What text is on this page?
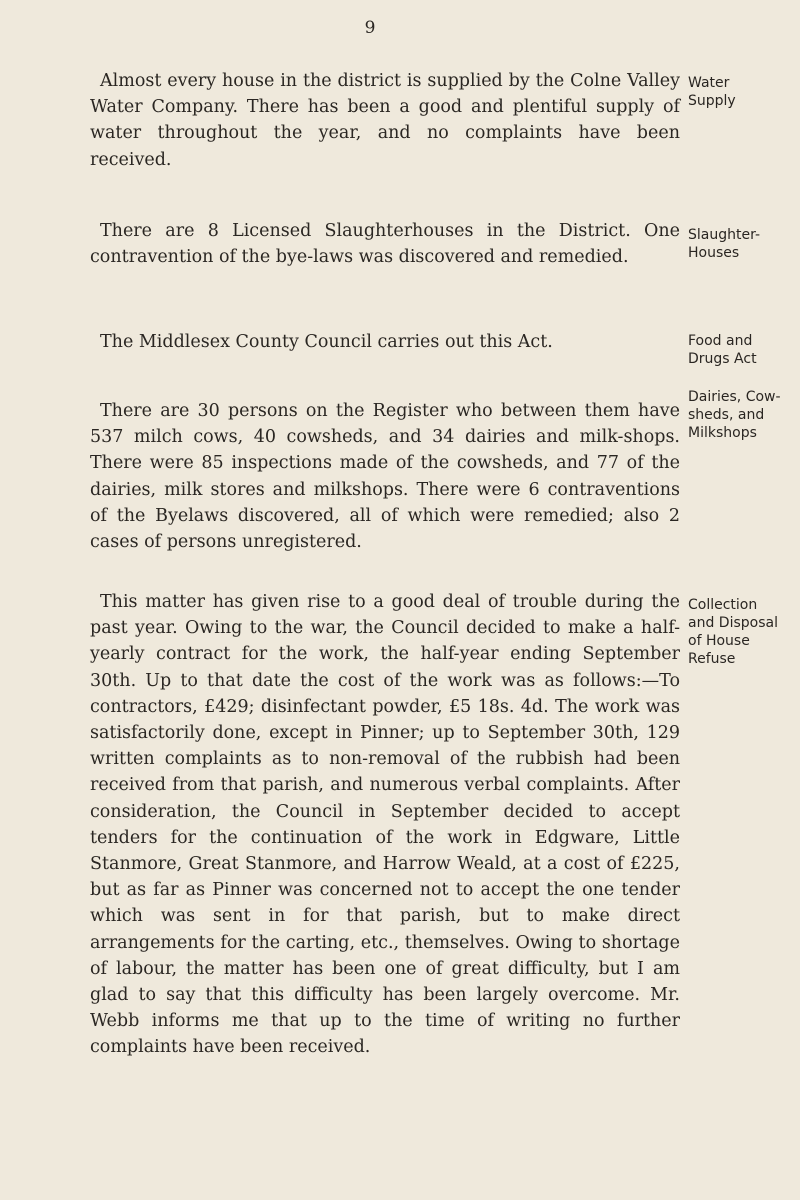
9

Almost every house in the district is supplied by the Colne Valley Water Company. There has been a good and plentiful supply of water throughout the year, and no complaints have been received.

Water
Supply

There are 8 Licensed Slaughterhouses in the District. One contravention of the bye-laws was discovered and remedied.

Slaughter-
Houses

The Middlesex County Council carries out this Act.	Food and
Drugs Act

There are 30 persons on the Register who between them have 537 milch cows, 40 cowsheds, and 34 dairies and milk-shops. There were 85 inspections made of the cowsheds, and 77 of the dairies, milk stores and milkshops. There were 6 contraventions of the Byelaws discovered, all of which were remedied; also 2 cases of persons unregistered.

Dairies, Cow-
sheds, and
Milkshops

This matter has given rise to a good deal of trouble during the past year. Owing to the war, the Council decided to make a half-yearly contract for the work, the half-year ending September 30th. Up to that date the cost of the work was as follows:—To contractors, £429; disinfectant powder, £5 18s. 4d. The work was satisfactorily done, except in Pinner; up to September 30th, 129 written complaints as to non-removal of the rubbish had been received from that parish, and numerous verbal complaints. After consideration, the Council in September decided to accept tenders for the continuation of the work in Edgware, Little Stanmore, Great Stanmore, and Harrow Weald, at a cost of £225, but as far as Pinner was concerned not to accept the one tender which was sent in for that parish, but to make direct arrangements for the carting, etc., themselves. Owing to shortage of labour, the matter has been one of great difficulty, but I am glad to say that this difficulty has been largely overcome. Mr. Webb informs me that up to the time of writing no further complaints have been received.

Collection
and Disposal
of House
Refuse
